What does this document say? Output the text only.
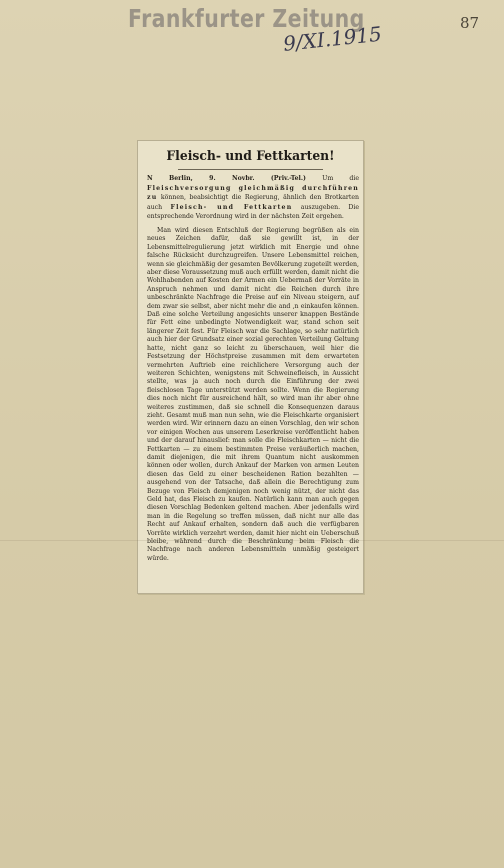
Frankfurter Zeitung	87
9/XI.1915
Fleisch- und Fettkarten!
N Berlin, 9. Novbr. (Priv.-Tel.) Um die Fleischversorgung gleichmäßig durchführen zu können, beabsichtigt die Regierung, ähnlich den Brotkarten auch Fleisch- und Fettkarten auszugeben. Die entsprechende Verordnung wird in der nächsten Zeit ergehen.

Man wird diesen Entschluß der Regierung begrüßen als ein neues Zeichen dafür, daß sie gewillt ist, in der Lebensmittelregulierung jetzt wirklich mit Energie und ohne falsche Rücksicht durchzugreifen. Unsere Lebensmittel reichen, wenn sie gleichmäßig der gesamten Bevölkerung zugeteilt werden, aber diese Voraussetzung muß auch erfüllt werden, damit nicht die Wohlhabenden auf Kosten der Armen ein Uebermaß der Vorräte in Anspruch nehmen und damit nicht die Reichen durch ihre unbeschränkte Nachfrage die Preise auf ein Niveau steigern, auf dem zwar sie selbst, aber nicht mehr die and ,n einkaufen können. Daß eine solche Verteilung angesichts unserer knappen Bestände für Fett eine unbedingte Notwendigkeit war, stand schon seit längerer Zeit fest. Für Fleisch war die Sachlage, so sehr natürlich auch hier der Grundsatz einer sozial gerechten Verteilung Geltung hatte, nicht ganz so leicht zu überschauen, weil hier die Festsetzung der Höchstpreise zusammen mit dem erwarteten vermehrten Auftrieb eine reichlichere Versorgung auch der weiteren Schichten, wenigstens mit Schweinefleisch, in Aussicht stellte, was ja auch noch durch die Einführung der zwei fleischlosen Tage unterstützt werden sollte. Wenn die Regierung dies noch nicht für ausreichend hält, so wird man ihr aber ohne weiteres zustimmen, daß sie schnell die Konsequenzen daraus zieht. Gesamt muß man nun sehn, wie die Fleischkarte organisiert werden wird. Wir erinnern dazu an einen Vorschlag, den wir schon vor einigen Wochen aus unserem Leserkreise veröffentlicht haben und der darauf hinauslief: man solle die Fleischkarten — nicht die Fettkarten — zu einem bestimmten Preise veräußerlich machen, damit diejenigen, die mit ihrem Quantum nicht auskommen können oder wollen, durch Ankauf der Marken von armen Leuten diesen das Geld zu einer bescheidenen Ration bezahlten — ausgehend von der Tatsache, daß allein die Berechtigung zum Bezuge von Fleisch demjenigen noch wenig nützt, der nicht das Geld hat, das Fleisch zu kaufen. Natürlich kann man auch gegen diesen Vorschlag Bedenken geltend machen. Aber jedenfalls wird man in die Regelung so treffen müssen, daß nicht nur alle das Recht auf Ankauf erhalten, sondern daß auch die verfügbaren Vorräte wirklich verzehrt werden, damit hier nicht ein Ueberschuß bleibe, während durch die Beschränkung beim Fleisch die Nachfrage nach anderen Lebensmitteln unmäßig gesteigert würde.
